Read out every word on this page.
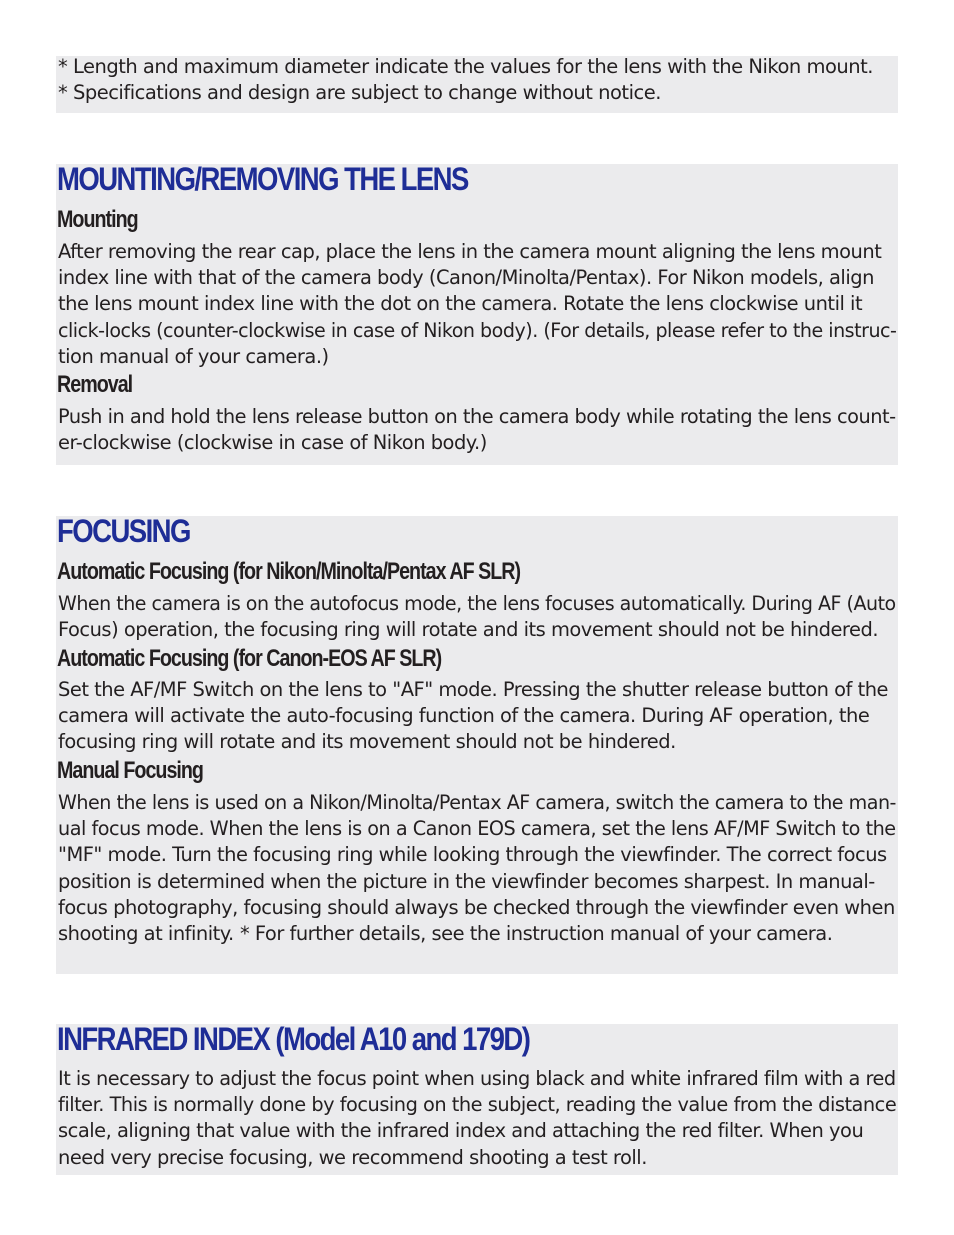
* Length and maximum diameter indicate the values for the lens with the Nikon mount.
* Specifications and design are subject to change without notice.
MOUNTING/REMOVING THE LENS
Mounting
After removing the rear cap, place the lens in the camera mount aligning the lens mount index line with that of the camera body (Canon/Minolta/Pentax). For Nikon models, align the lens mount index line with the dot on the camera. Rotate the lens clockwise until it click-locks (counter-clockwise in case of Nikon body). (For details, please refer to the instruc- tion manual of your camera.)
Removal
Push in and hold the lens release button on the camera body while rotating the lens count- er-clockwise (clockwise in case of Nikon body.)
FOCUSING
Automatic Focusing (for Nikon/Minolta/Pentax AF SLR)
When the camera is on the autofocus mode, the lens focuses automatically. During AF (Auto Focus) operation, the focusing ring will rotate and its movement should not be hindered.
Automatic Focusing (for Canon-EOS AF SLR)
Set the AF/MF Switch on the lens to "AF" mode. Pressing the shutter release button of the camera will activate the auto-focusing function of the camera. During AF operation, the focusing ring will rotate and its movement should not be hindered.
Manual Focusing
When the lens is used on a Nikon/Minolta/Pentax AF camera, switch the camera to the man- ual focus mode. When the lens is on a Canon EOS camera, set the lens AF/MF Switch to the "MF" mode. Turn the focusing ring while looking through the viewfinder. The correct focus position is determined when the picture in the viewfinder becomes sharpest. In manual- focus photography, focusing should always be checked through the viewfinder even when shooting at infinity. * For further details, see the instruction manual of your camera.
INFRARED INDEX (Model A10 and 179D)
It is necessary to adjust the focus point when using black and white infrared film with a red filter. This is normally done by focusing on the subject, reading the value from the distance scale, aligning that value with the infrared index and attaching the red filter. When you need very precise focusing, we recommend shooting a test roll.
